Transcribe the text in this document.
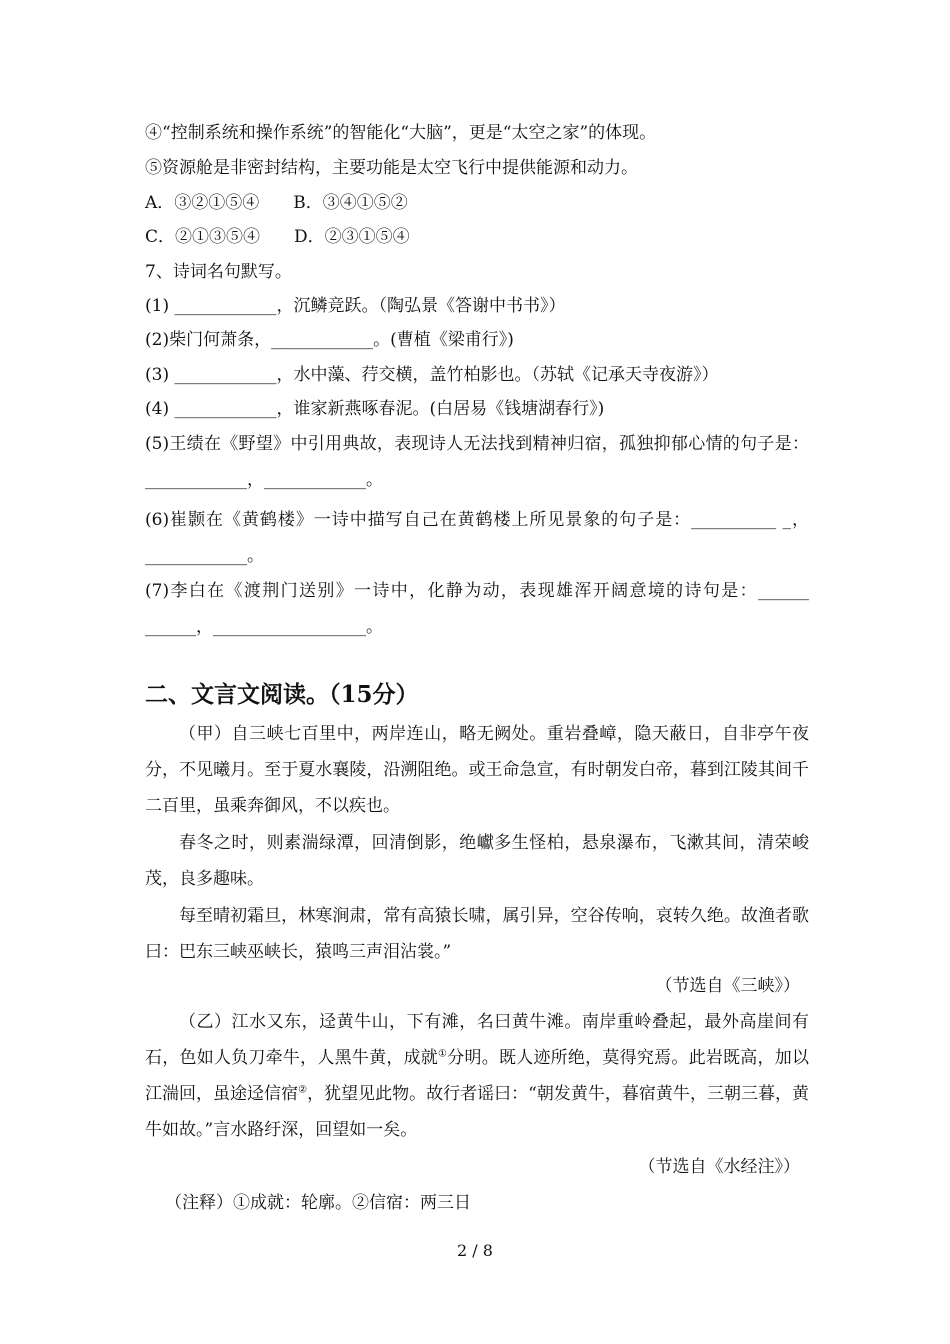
④“控制系统和操作系统”的智能化“大脑”，更是“太空之家”的体现。
⑤资源舱是非密封结构，主要功能是太空飞行中提供能源和动力。
A．③②①⑤④　　B．③④①⑤②
C．②①③⑤④　　D．②③①⑤④
7、诗词名句默写。
(1) ____________，沉鳞竞跃。（陶弘景《答谢中书书》）
(2)柴门何萧条，____________。(曹植《梁甫行》)
(3) ____________，水中藻、荇交横，盖竹柏影也。（苏轼《记承天寺夜游》）
(4) ____________，谁家新燕啄春泥。(白居易《钱塘湖春行》)
(5)王绩在《野望》中引用典故，表现诗人无法找到精神归宿，孤独抑郁心情的句子是：____________，____________。
(6)崔颢在《黄鹤楼》一诗中描写自己在黄鹤楼上所见景象的句子是：__________ _，____________。
(7)李白在《渡荆门送别》一诗中，化静为动，表现雄浑开阔意境的诗句是：______ ______，__________________。
二、文言文阅读。（15分）
（甲）自三峡七百里中，两岸连山，略无阙处。重岩叠嶂，隐天蔽日，自非亭午夜分，不见曦月。至于夏水襄陵，沿溯阻绝。或王命急宣，有时朝发白帝，暮到江陵其间千二百里，虽乘奔御风，不以疾也。
春冬之时，则素湍绿潭，回清倒影，绝巘多生怪柏，悬泉瀑布，飞漱其间，清荣峻茂，良多趣味。
每至晴初霜旦，林寒涧肃，常有高猿长啸，属引异，空谷传响，哀转久绝。故渔者歌曰：巴东三峡巫峡长，猿鸣三声泪沾裳。”
（节选自《三峡》）
（乙）江水又东，迳黄牛山，下有滩，名曰黄牛滩。南岸重岭叠起，最外高崖间有石，色如人负刀牵牛，人黑牛黄，成就①分明。既人迹所绝，莫得究焉。此岩既高，加以江湍回，虽途迳信宿②，犹望见此物。故行者谣曰：“朝发黄牛，暮宿黄牛，三朝三暮，黄牛如故。”言水路纡深，回望如一矣。
（节选自《水经注》）
（注释）①成就：轮廓。②信宿：两三日
2 / 8
